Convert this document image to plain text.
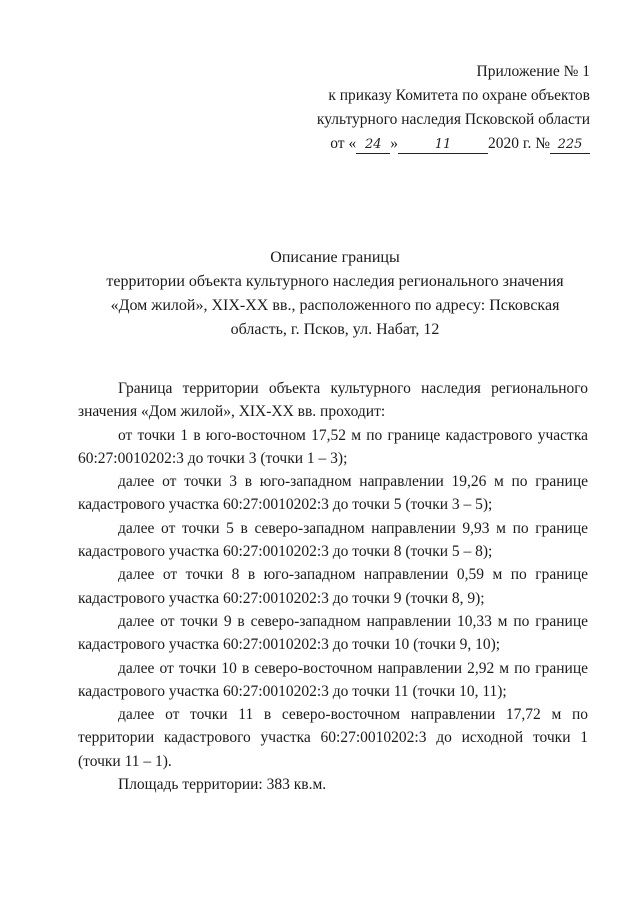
Приложение № 1
к приказу Комитета по охране объектов
культурного наследия Псковской области
от « 24 »	11 2020 г. № 225
Описание границы
территории объекта культурного наследия регионального значения
«Дом жилой», XIX-XX вв., расположенного по адресу: Псковская
область, г. Псков, ул. Набат, 12

Граница территории объекта культурного наследия регионального значения «Дом жилой», XIX-XX вв. проходит:

от точки 1 в юго-восточном 17,52 м по границе кадастрового участка 60:27:0010202:3 до точки 3 (точки 1 – 3);

далее от точки 3 в юго-западном направлении 19,26 м по границе кадастрового участка 60:27:0010202:3 до точки 5 (точки 3 – 5);

далее от точки 5 в северо-западном направлении 9,93 м по границе кадастрового участка 60:27:0010202:3 до точки 8 (точки 5 – 8);

далее от точки 8 в юго-западном направлении 0,59 м по границе кадастрового участка 60:27:0010202:3 до точки 9 (точки 8, 9);

далее от точки 9 в северо-западном направлении 10,33 м по границе кадастрового участка 60:27:0010202:3 до точки 10 (точки 9, 10);

далее от точки 10 в северо-восточном направлении 2,92 м по границе кадастрового участка 60:27:0010202:3 до точки 11 (точки 10, 11);

далее от точки 11 в северо-восточном направлении 17,72 м по территории кадастрового участка 60:27:0010202:3 до исходной точки 1 (точки 11 – 1).

Площадь территории: 383 кв.м.
